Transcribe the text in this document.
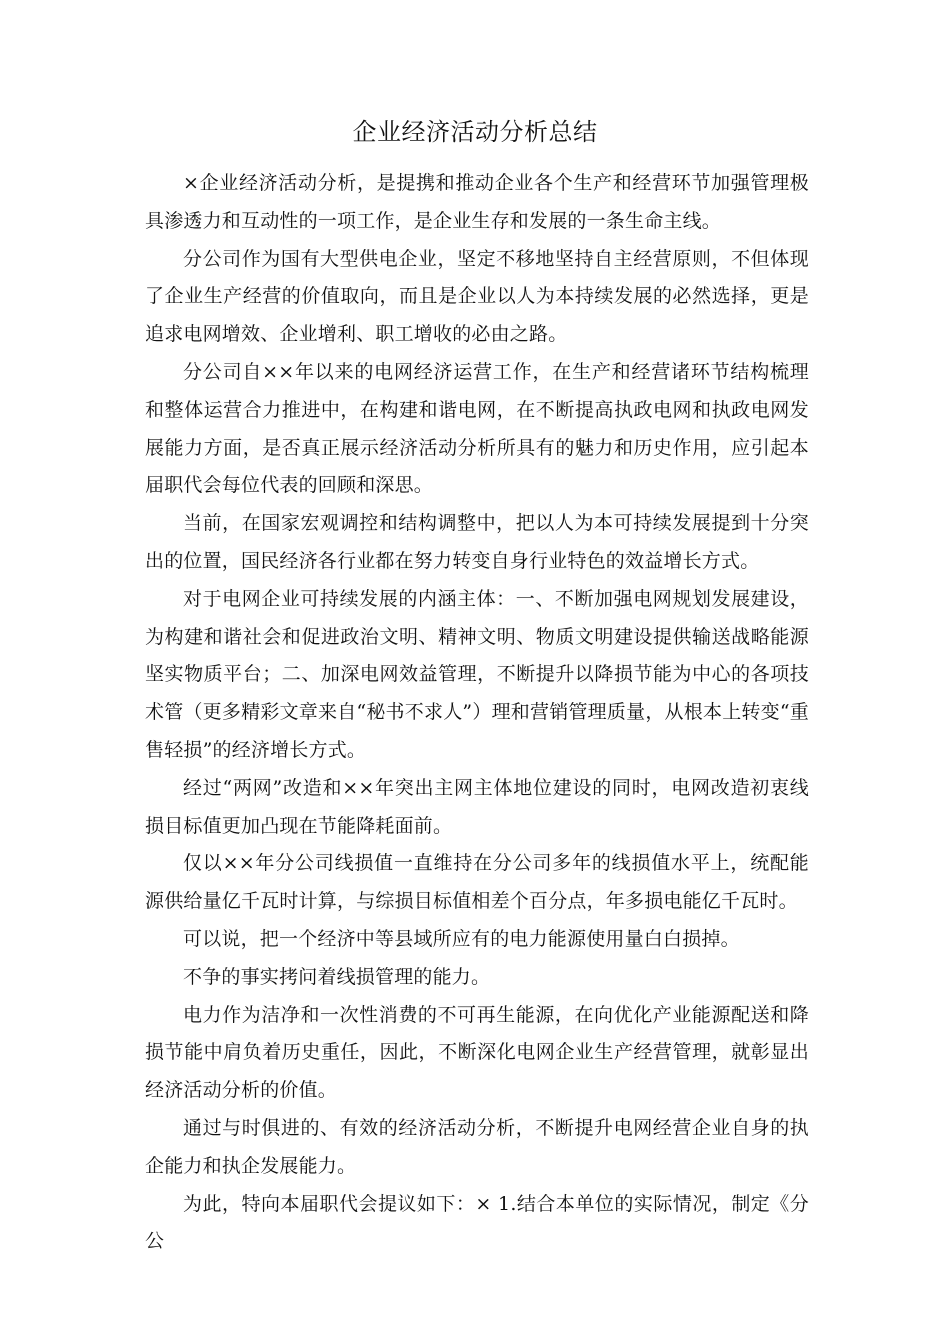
企业经济活动分析总结

×企业经济活动分析，是提携和推动企业各个生产和经营环节加强管理极具渗透力和互动性的一项工作，是企业生存和发展的一条生命主线。

分公司作为国有大型供电企业，坚定不移地坚持自主经营原则，不但体现了企业生产经营的价值取向，而且是企业以人为本持续发展的必然选择，更是追求电网增效、企业增利、职工增收的必由之路。

分公司自××年以来的电网经济运营工作，在生产和经营诸环节结构梳理和整体运营合力推进中，在构建和谐电网，在不断提高执政电网和执政电网发展能力方面，是否真正展示经济活动分析所具有的魅力和历史作用，应引起本届职代会每位代表的回顾和深思。

当前，在国家宏观调控和结构调整中，把以人为本可持续发展提到十分突出的位置，国民经济各行业都在努力转变自身行业特色的效益增长方式。

对于电网企业可持续发展的内涵主体：一、不断加强电网规划发展建设，为构建和谐社会和促进政治文明、精神文明、物质文明建设提供输送战略能源坚实物质平台；二、加深电网效益管理，不断提升以降损节能为中心的各项技术管（更多精彩文章来自“秘书不求人”）理和营销管理质量，从根本上转变“重售轻损”的经济增长方式。

经过“两网”改造和××年突出主网主体地位建设的同时，电网改造初衷线损目标值更加凸现在节能降耗面前。

仅以××年分公司线损值一直维持在分公司多年的线损值水平上，统配能源供给量亿千瓦时计算，与综损目标值相差个百分点，年多损电能亿千瓦时。

可以说，把一个经济中等县域所应有的电力能源使用量白白损掉。

不争的事实拷问着线损管理的能力。

电力作为洁净和一次性消费的不可再生能源，在向优化产业能源配送和降损节能中肩负着历史重任，因此，不断深化电网企业生产经营管理，就彰显出经济活动分析的价值。

通过与时俱进的、有效的经济活动分析，不断提升电网经营企业自身的执企能力和执企发展能力。

为此，特向本届职代会提议如下：× 1.结合本单位的实际情况，制定《分公
